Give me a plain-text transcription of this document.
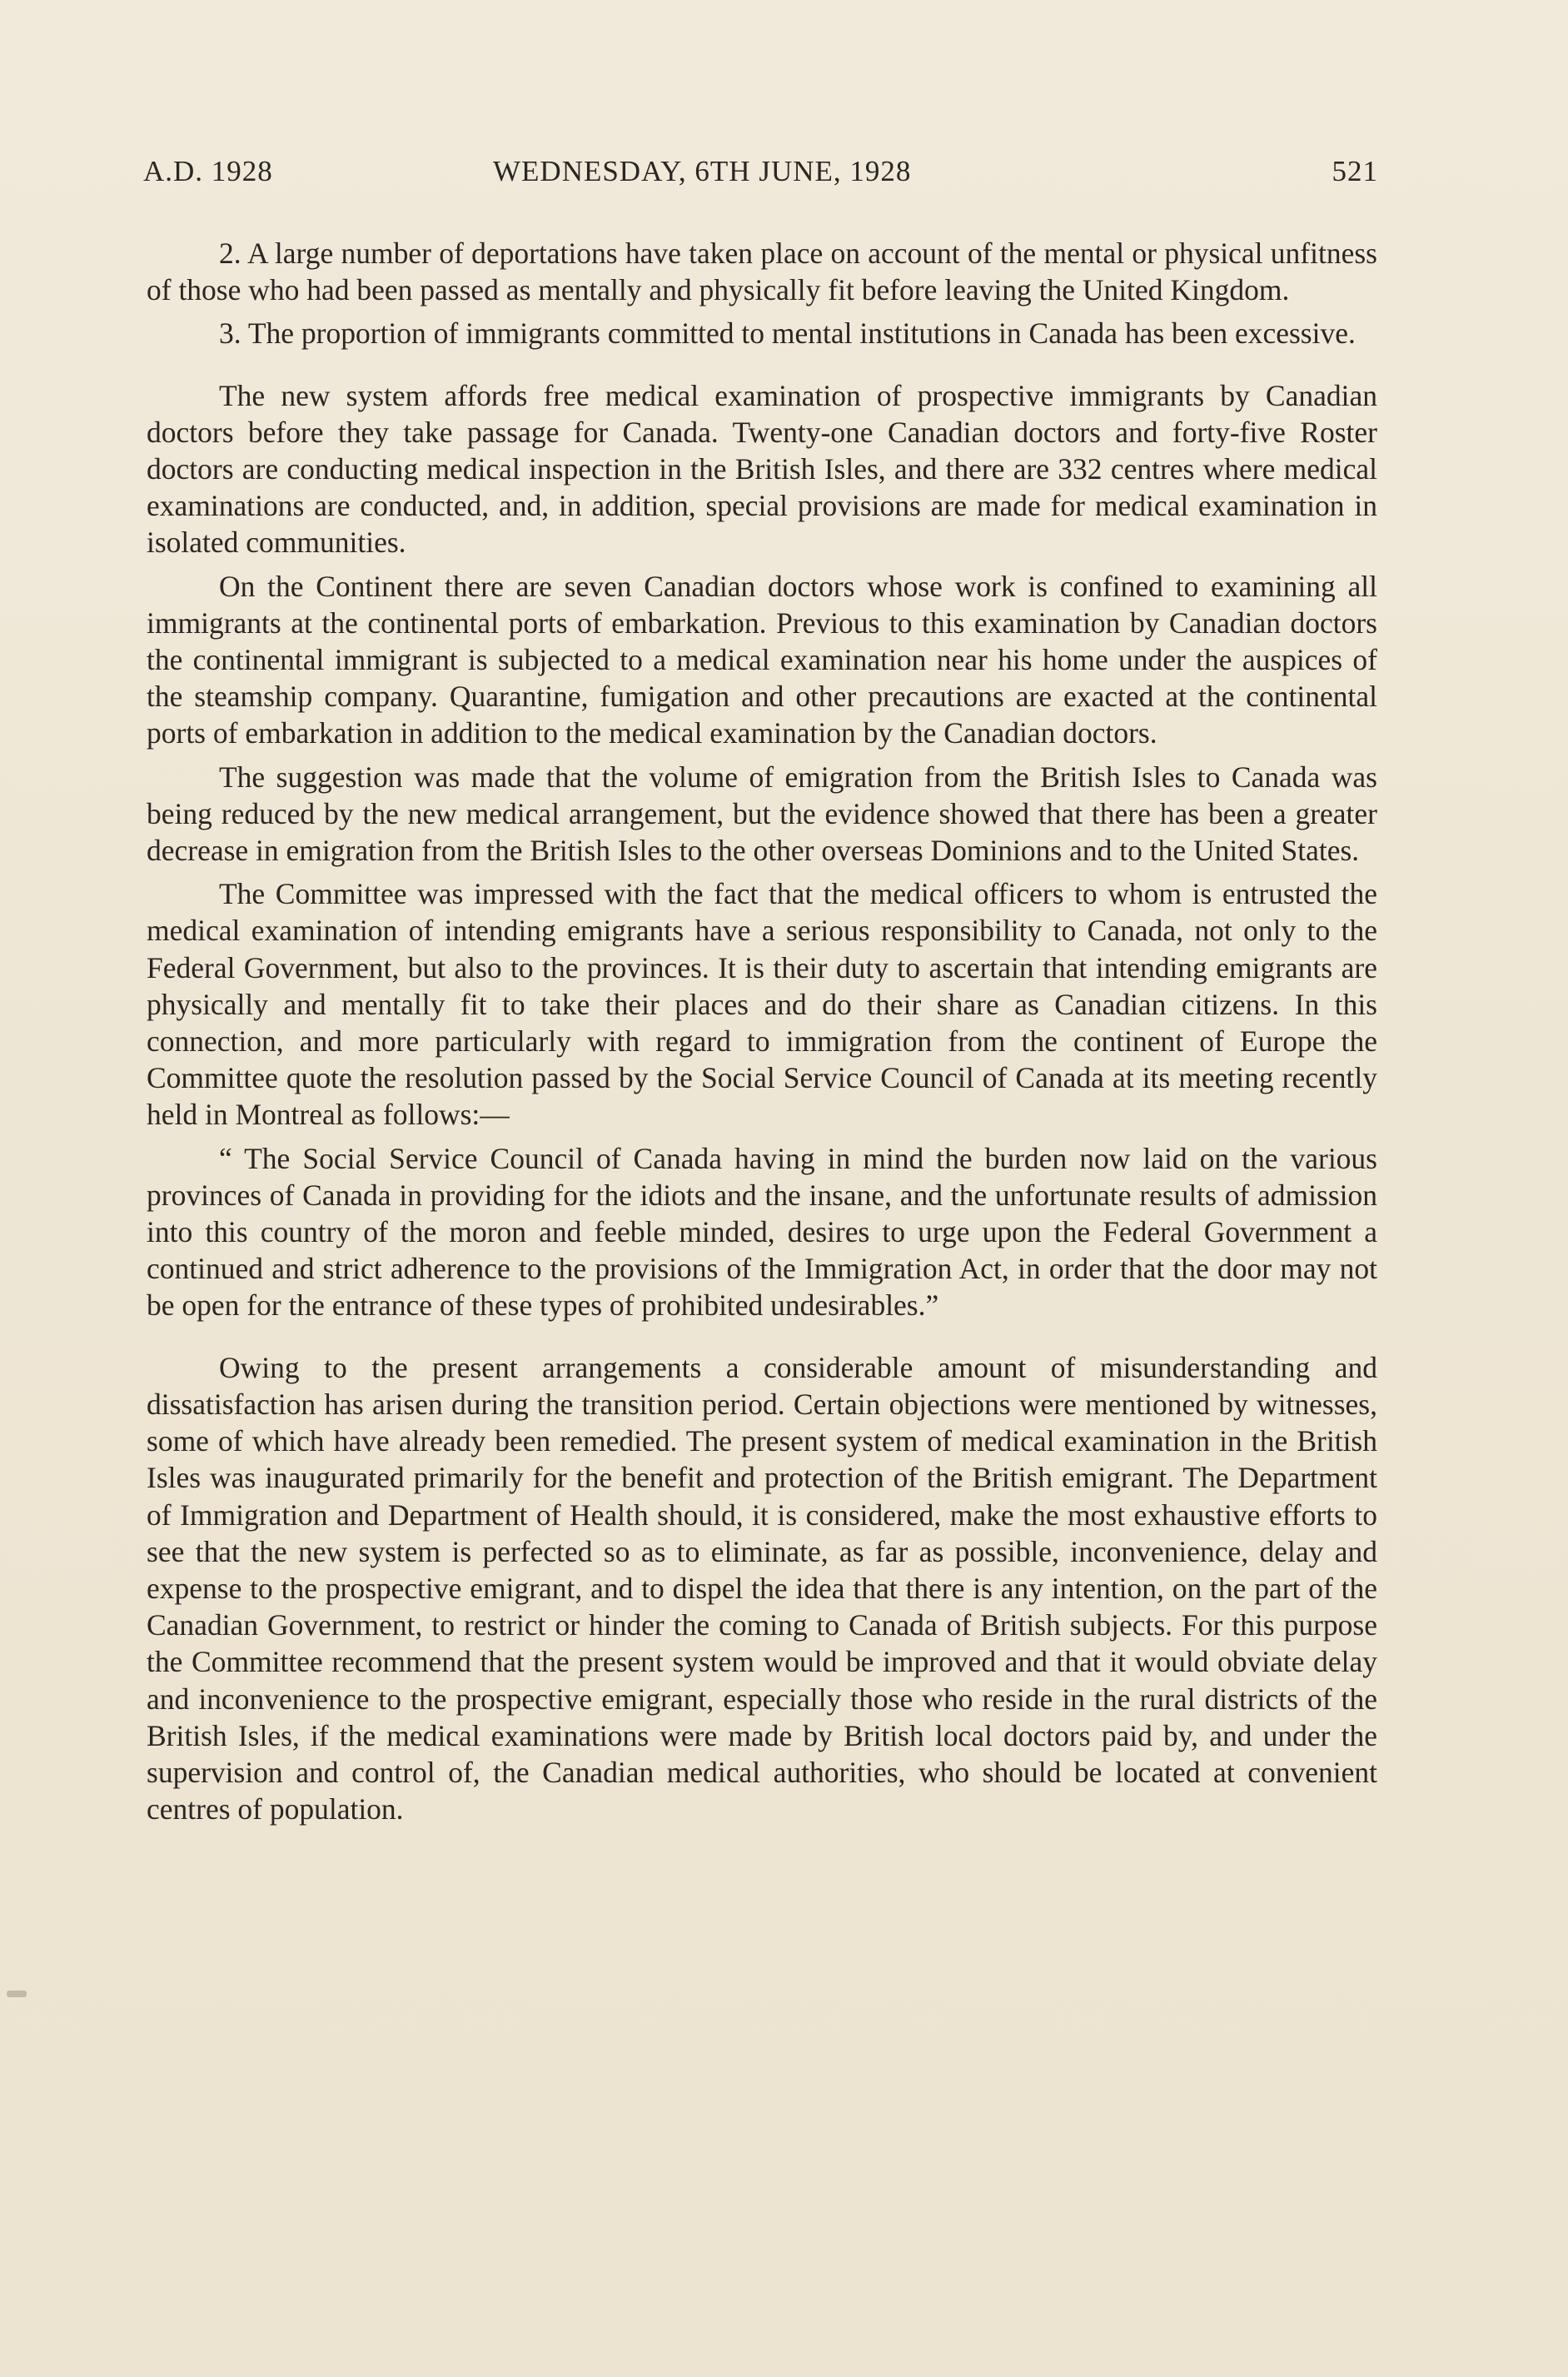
A.D. 1928	WEDNESDAY, 6TH JUNE, 1928	521

2. A large number of deportations have taken place on account of the mental or physical unfitness of those who had been passed as mentally and physically fit before leaving the United Kingdom.

3. The proportion of immigrants committed to mental institutions in Canada has been excessive.

The new system affords free medical examination of prospective immigrants by Canadian doctors before they take passage for Canada. Twenty-one Canadian doctors and forty-five Roster doctors are conducting medical inspection in the British Isles, and there are 332 centres where medical examinations are conducted, and, in addition, special provisions are made for medical examination in isolated communities.

On the Continent there are seven Canadian doctors whose work is confined to examining all immigrants at the continental ports of embarkation. Previous to this examination by Canadian doctors the continental immigrant is subjected to a medical examination near his home under the auspices of the steamship company. Quarantine, fumigation and other precautions are exacted at the continental ports of embarkation in addition to the medical examination by the Canadian doctors.

The suggestion was made that the volume of emigration from the British Isles to Canada was being reduced by the new medical arrangement, but the evidence showed that there has been a greater decrease in emigration from the British Isles to the other overseas Dominions and to the United States.

The Committee was impressed with the fact that the medical officers to whom is entrusted the medical examination of intending emigrants have a serious responsibility to Canada, not only to the Federal Government, but also to the provinces. It is their duty to ascertain that intending emigrants are physically and mentally fit to take their places and do their share as Canadian citizens. In this connection, and more particularly with regard to immigration from the continent of Europe the Committee quote the resolution passed by the Social Service Council of Canada at its meeting recently held in Montreal as follows:—

“ The Social Service Council of Canada having in mind the burden now laid on the various provinces of Canada in providing for the idiots and the insane, and the unfortunate results of admission into this country of the moron and feeble minded, desires to urge upon the Federal Government a continued and strict adherence to the provisions of the Immigration Act, in order that the door may not be open for the entrance of these types of prohibited undesirables.”

Owing to the present arrangements a considerable amount of misunderstanding and dissatisfaction has arisen during the transition period. Certain objections were mentioned by witnesses, some of which have already been remedied. The present system of medical examination in the British Isles was inaugurated primarily for the benefit and protection of the British emigrant. The Department of Immigration and Department of Health should, it is considered, make the most exhaustive efforts to see that the new system is perfected so as to eliminate, as far as possible, inconvenience, delay and expense to the prospective emigrant, and to dispel the idea that there is any intention, on the part of the Canadian Government, to restrict or hinder the coming to Canada of British subjects. For this purpose the Committee recommend that the present system would be improved and that it would obviate delay and inconvenience to the prospective emigrant, especially those who reside in the rural districts of the British Isles, if the medical examinations were made by British local doctors paid by, and under the supervision and control of, the Canadian medical authorities, who should be located at convenient centres of population.
